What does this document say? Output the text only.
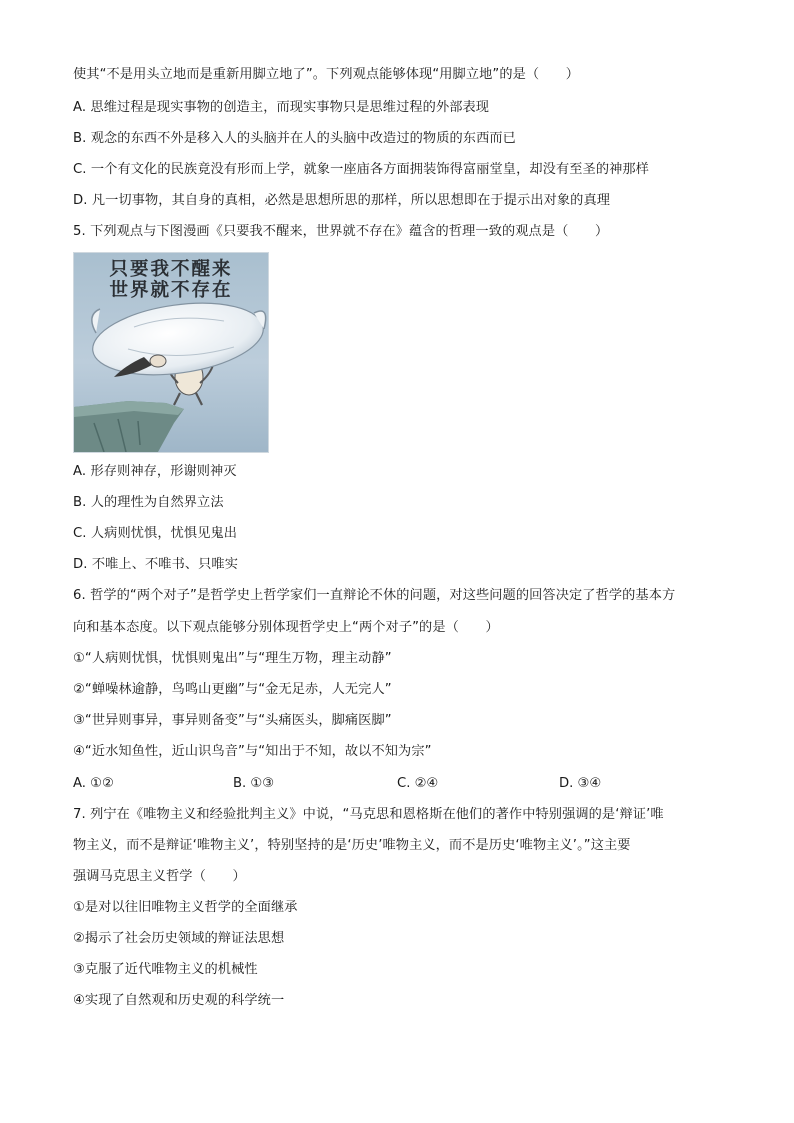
使其“不是用头立地而是重新用脚立地了”。下列观点能够体现“用脚立地”的是（　　）
A. 思维过程是现实事物的创造主，而现实事物只是思维过程的外部表现
B. 观念的东西不外是移入人的头脑并在人的头脑中改造过的物质的东西而已
C. 一个有文化的民族竟没有形而上学，就象一座庙各方面拥装饰得富丽堂皇，却没有至圣的神那样
D. 凡一切事物，其自身的真相，必然是思想所思的那样，所以思想即在于提示出对象的真理
5. 下列观点与下图漫画《只要我不醒来，世界就不存在》蕴含的哲理一致的观点是（　　）
只要我不醒来
世界就不存在
A. 形存则神存，形谢则神灭
B. 人的理性为自然界立法
C. 人病则忧惧，忧惧见鬼出
D. 不唯上、不唯书、只唯实
6. 哲学的“两个对子”是哲学史上哲学家们一直辩论不休的问题，对这些问题的回答决定了哲学的基本方
向和基本态度。以下观点能够分别体现哲学史上“两个对子”的是（　　）
①“人病则忧惧，忧惧则鬼出”与“理生万物，理主动静”
②“蝉噪林逾静，鸟鸣山更幽”与“金无足赤，人无完人”
③“世异则事异，事异则备变”与“头痛医头，脚痛医脚”
④“近水知鱼性，近山识鸟音”与“知出于不知，故以不知为宗”
A. ①②	B. ①③	C. ②④	D. ③④
7. 列宁在《唯物主义和经验批判主义》中说，“马克思和恩格斯在他们的著作中特别强调的是‘辩证’唯
物主义，而不是辩证‘唯物主义’，特别坚持的是‘历史’唯物主义，而不是历史‘唯物主义’。”这主要
强调马克思主义哲学（　　）
①是对以往旧唯物主义哲学的全面继承
②揭示了社会历史领域的辩证法思想
③克服了近代唯物主义的机械性
④实现了自然观和历史观的科学统一
